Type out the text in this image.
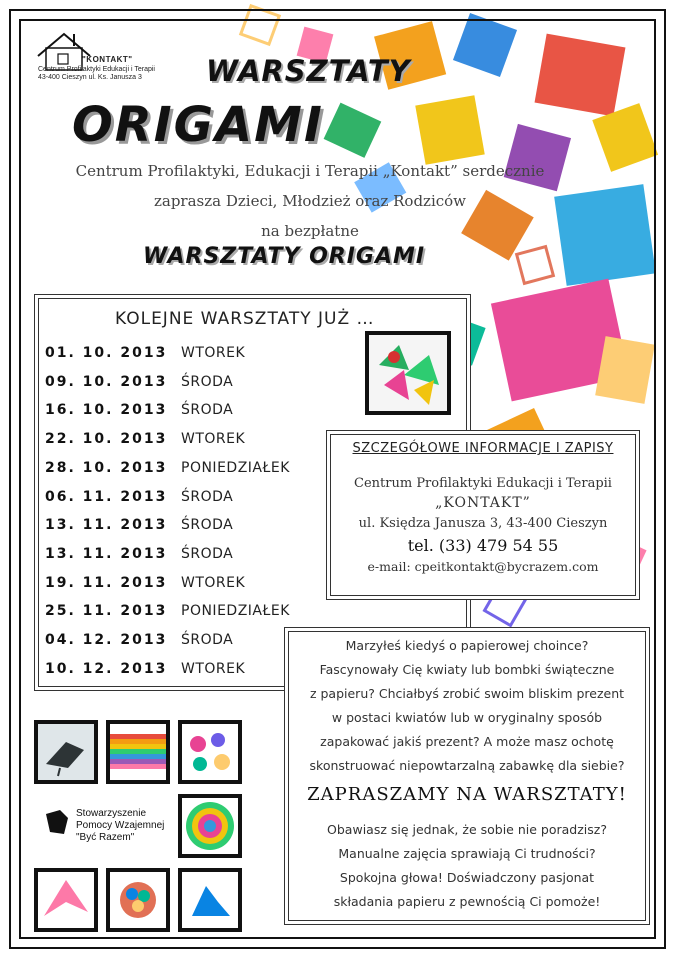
"KONTAKT"
Centrum Profilaktyki Edukacji i Terapii
43-400 Cieszyn ul. Ks. Janusza 3	WARSZTATY
ORIGAMI
Centrum Profilaktyki, Edukacji i Terapii „Kontakt” serdecznie
zaprasza Dzieci, Młodzież oraz Rodziców
na bezpłatne
WARSZTATY ORIGAMI
KOLEJNE WARSZTATY JUŻ …
01. 10. 2013 WTOREK
09. 10. 2013 ŚRODA
16. 10. 2013 ŚRODA
22. 10. 2013 WTOREK
28. 10. 2013 PONIEDZIAŁEK
06. 11. 2013 ŚRODA
13. 11. 2013 ŚRODA
13. 11. 2013 ŚRODA
19. 11. 2013 WTOREK
25. 11. 2013 PONIEDZIAŁEK
04. 12. 2013 ŚRODA
10. 12. 2013 WTOREK
SZCZEGÓŁOWE INFORMACJE I ZAPISY
Centrum Profilaktyki Edukacji i Terapii
„KONTAKT”
ul. Księdza Janusza 3, 43-400 Cieszyn
tel. (33) 479 54 55
e-mail: cpeitkontakt@bycrazem.com
Marzyłeś kiedyś o papierowej choince?
Fascynowały Cię kwiaty lub bombki świąteczne
z papieru? Chciałbyś zrobić swoim bliskim prezent
w postaci kwiatów lub w oryginalny sposób
zapakować jakiś prezent? A może masz ochotę
skonstruować niepowtarzalną zabawkę dla siebie?
ZAPRASZAMY NA WARSZTATY!
Obawiasz się jednak, że sobie nie poradzisz?
Manualne zajęcia sprawiają Ci trudności?
Spokojna głowa! Doświadczony pasjonat
składania papieru z pewnością Ci pomoże!
Stowarzyszenie
Pomocy Wzajemnej
"Być Razem"
